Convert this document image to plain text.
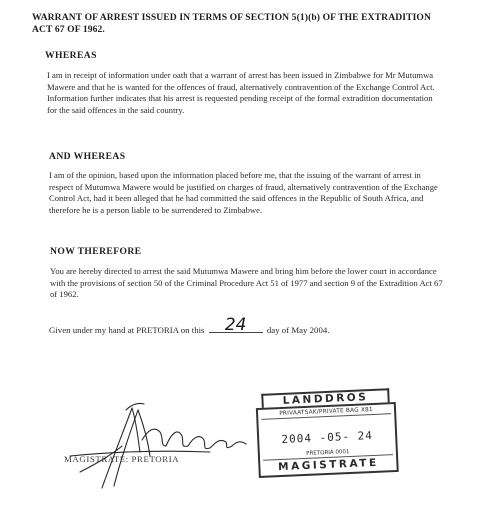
WARRANT OF ARREST ISSUED IN TERMS OF SECTION 5(1)(b) OF THE EXTRADITION ACT 67 OF 1962.
WHEREAS
I am in receipt of information under oath that a warrant of arrest has been issued in Zimbabwe for Mr Mutumwa Mawere and that he is wanted for the offences of fraud, alternatively contravention of the Exchange Control Act. Information further indicates that his arrest is requested pending receipt of the formal extradition documentation for the said offences in the said country.
AND WHEREAS
I am of the opinion, based upon the information placed before me, that the issuing of the warrant of arrest in respect of Mutumwa Mawere would be justified on charges of fraud, alternatively contravention of the Exchange Control Act, had it been alleged that he had committed the said offences in the Republic of South Africa, and therefore he is a person liable to be surrendered to Zimbabwe.
NOW THEREFORE
You are hereby directed to arrest the said Mutumwa Mawere and bring him before the lower court in accordance with the provisions of section 50 of the Criminal Procedure Act 51 of 1977 and section 9 of the Extradition Act 67 of 1962.
Given under my hand at PRETORIA on this 24 day of May 2004.
MAGISTRATE: PRETORIA
LANDDROS
PRIVAATSAK/PRIVATE BAG X81
2004 -05- 24
PRETORIA 0001
MAGISTRATE
